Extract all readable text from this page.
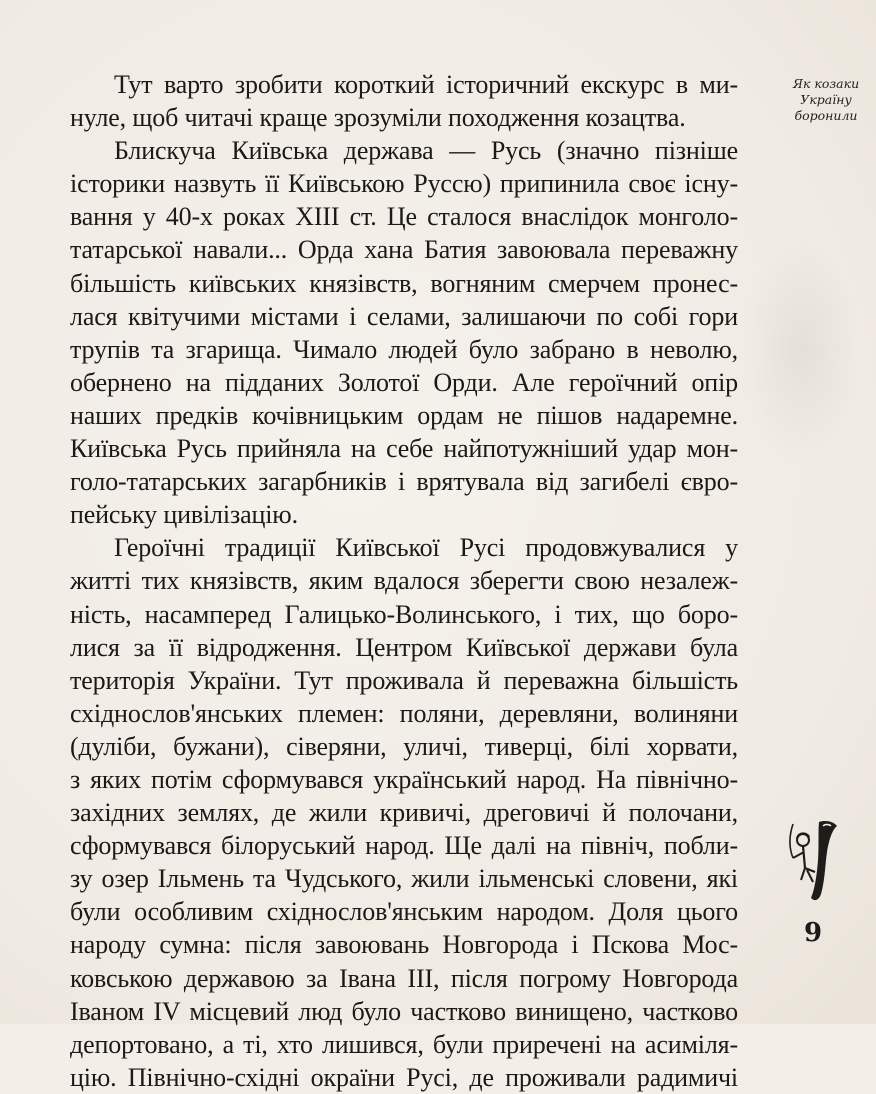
Тут варто зробити короткий історичний екскурс в ми-
нуле, щоб читачі краще зрозуміли походження козацтва.
Блискуча Київська держава — Русь (значно пізніше
історики назвуть її Київською Руссю) припинила своє існу-
вання у 40-х роках XIII ст. Це сталося внаслідок монголо-
татарської навали... Орда хана Батия завоювала переважну
більшість київських князівств, вогняним смерчем пронес-
лася квітучими містами і селами, залишаючи по собі гори
трупів та згарища. Чимало людей було забрано в неволю,
обернено на підданих Золотої Орди. Але героїчний опір
наших предків кочівницьким ордам не пішов надаремне.
Київська Русь прийняла на себе найпотужніший удар мон-
голо-татарських загарбників і врятувала від загибелі євро-
пейську цивілізацію.
Героїчні традиції Київської Русі продовжувалися у
житті тих князівств, яким вдалося зберегти свою незалеж-
ність, насамперед Галицько-Волинського, і тих, що боро-
лися за її відродження. Центром Київської держави була
територія України. Тут проживала й переважна більшість
східнослов'янських племен: поляни, деревляни, волиняни
(дуліби, бужани), сіверяни, уличі, тиверці, білі хорвати,
з яких потім сформувався український народ. На північно-
західних землях, де жили кривичі, дреговичі й полочани,
сформувався білоруський народ. Ще далі на північ, побли-
зу озер Ільмень та Чудського, жили ільменські словени, які
були особливим східнослов'янським народом. Доля цього
народу сумна: після завоювань Новгорода і Пскова Мос-
ковською державою за Івана III, після погрому Новгорода
Іваном IV місцевий люд було частково винищено, частково
депортовано, а ті, хто лишився, були приречені на асиміля-
цію. Північно-східні окраїни Русі, де проживали радимичі
Як козаки
Україну
боронили
9
